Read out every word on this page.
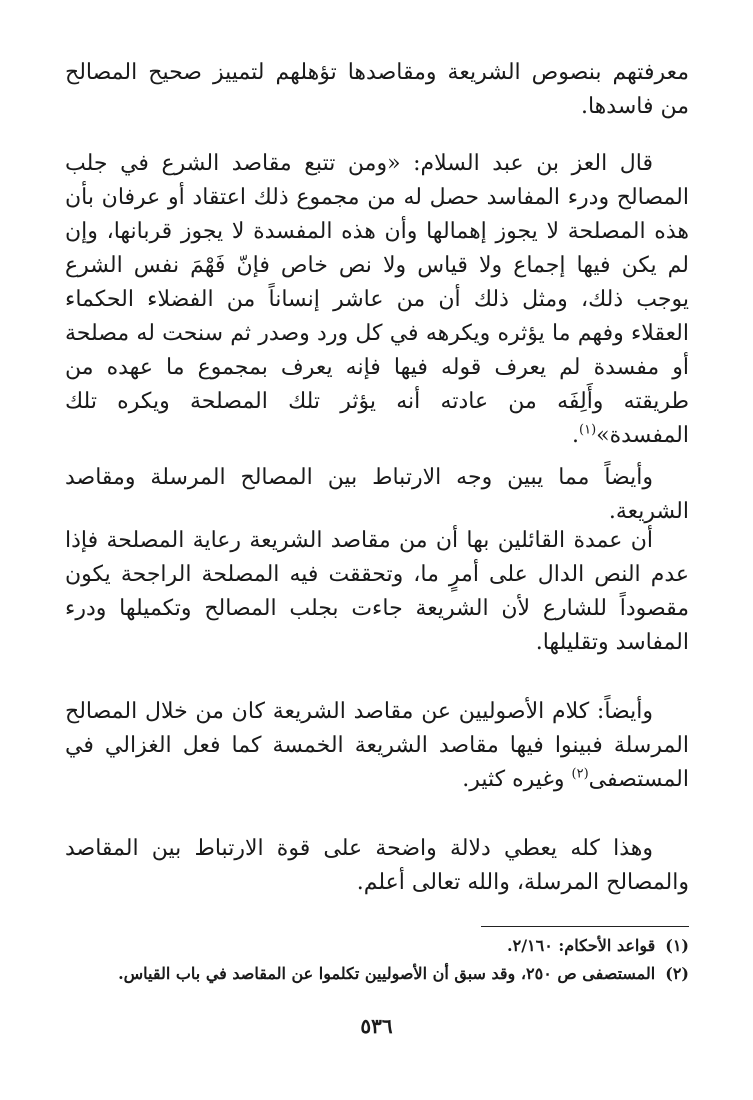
معرفتهم بنصوص الشريعة ومقاصدها تؤهلهم لتمييز صحيح المصالح من فاسدها.

قال العز بن عبد السلام: «ومن تتبع مقاصد الشرع في جلب المصالح ودرء المفاسد حصل له من مجموع ذلك اعتقاد أو عرفان بأن هذه المصلحة لا يجوز إهمالها وأن هذه المفسدة لا يجوز قربانها، وإن لم يكن فيها إجماع ولا قياس ولا نص خاص فإنّ فَهْمَ نفس الشرع يوجب ذلك، ومثل ذلك أن من عاشر إنساناً من الفضلاء الحكماء العقلاء وفهم ما يؤثره ويكرهه في كل ورد وصدر ثم سنحت له مصلحة أو مفسدة لم يعرف قوله فيها فإنه يعرف بمجموع ما عهده من طريقته وأَلِفَه من عادته أنه يؤثر تلك المصلحة ويكره تلك المفسدة»$^{(١)}$.

وأيضاً مما يبين وجه الارتباط بين المصالح المرسلة ومقاصد الشريعة.

أن عمدة القائلين بها أن من مقاصد الشريعة رعاية المصلحة فإذا عدم النص الدال على أمرٍ ما، وتحققت فيه المصلحة الراجحة يكون مقصوداً للشارع لأن الشريعة جاءت بجلب المصالح وتكميلها ودرء المفاسد وتقليلها.

وأيضاً: كلام الأصوليين عن مقاصد الشريعة كان من خلال المصالح المرسلة فبينوا فيها مقاصد الشريعة الخمسة كما فعل الغزالي في المستصفى$^{(٢)}$ وغيره كثير.

وهذا كله يعطي دلالة واضحة على قوة الارتباط بين المقاصد والمصالح المرسلة، والله تعالى أعلم.

(١)قواعد الأحكام: ٢/١٦٠.

(٢)المستصفى ص ٢٥٠، وقد سبق أن الأصوليين تكلموا عن المقاصد في باب القياس.

٥٣٦
